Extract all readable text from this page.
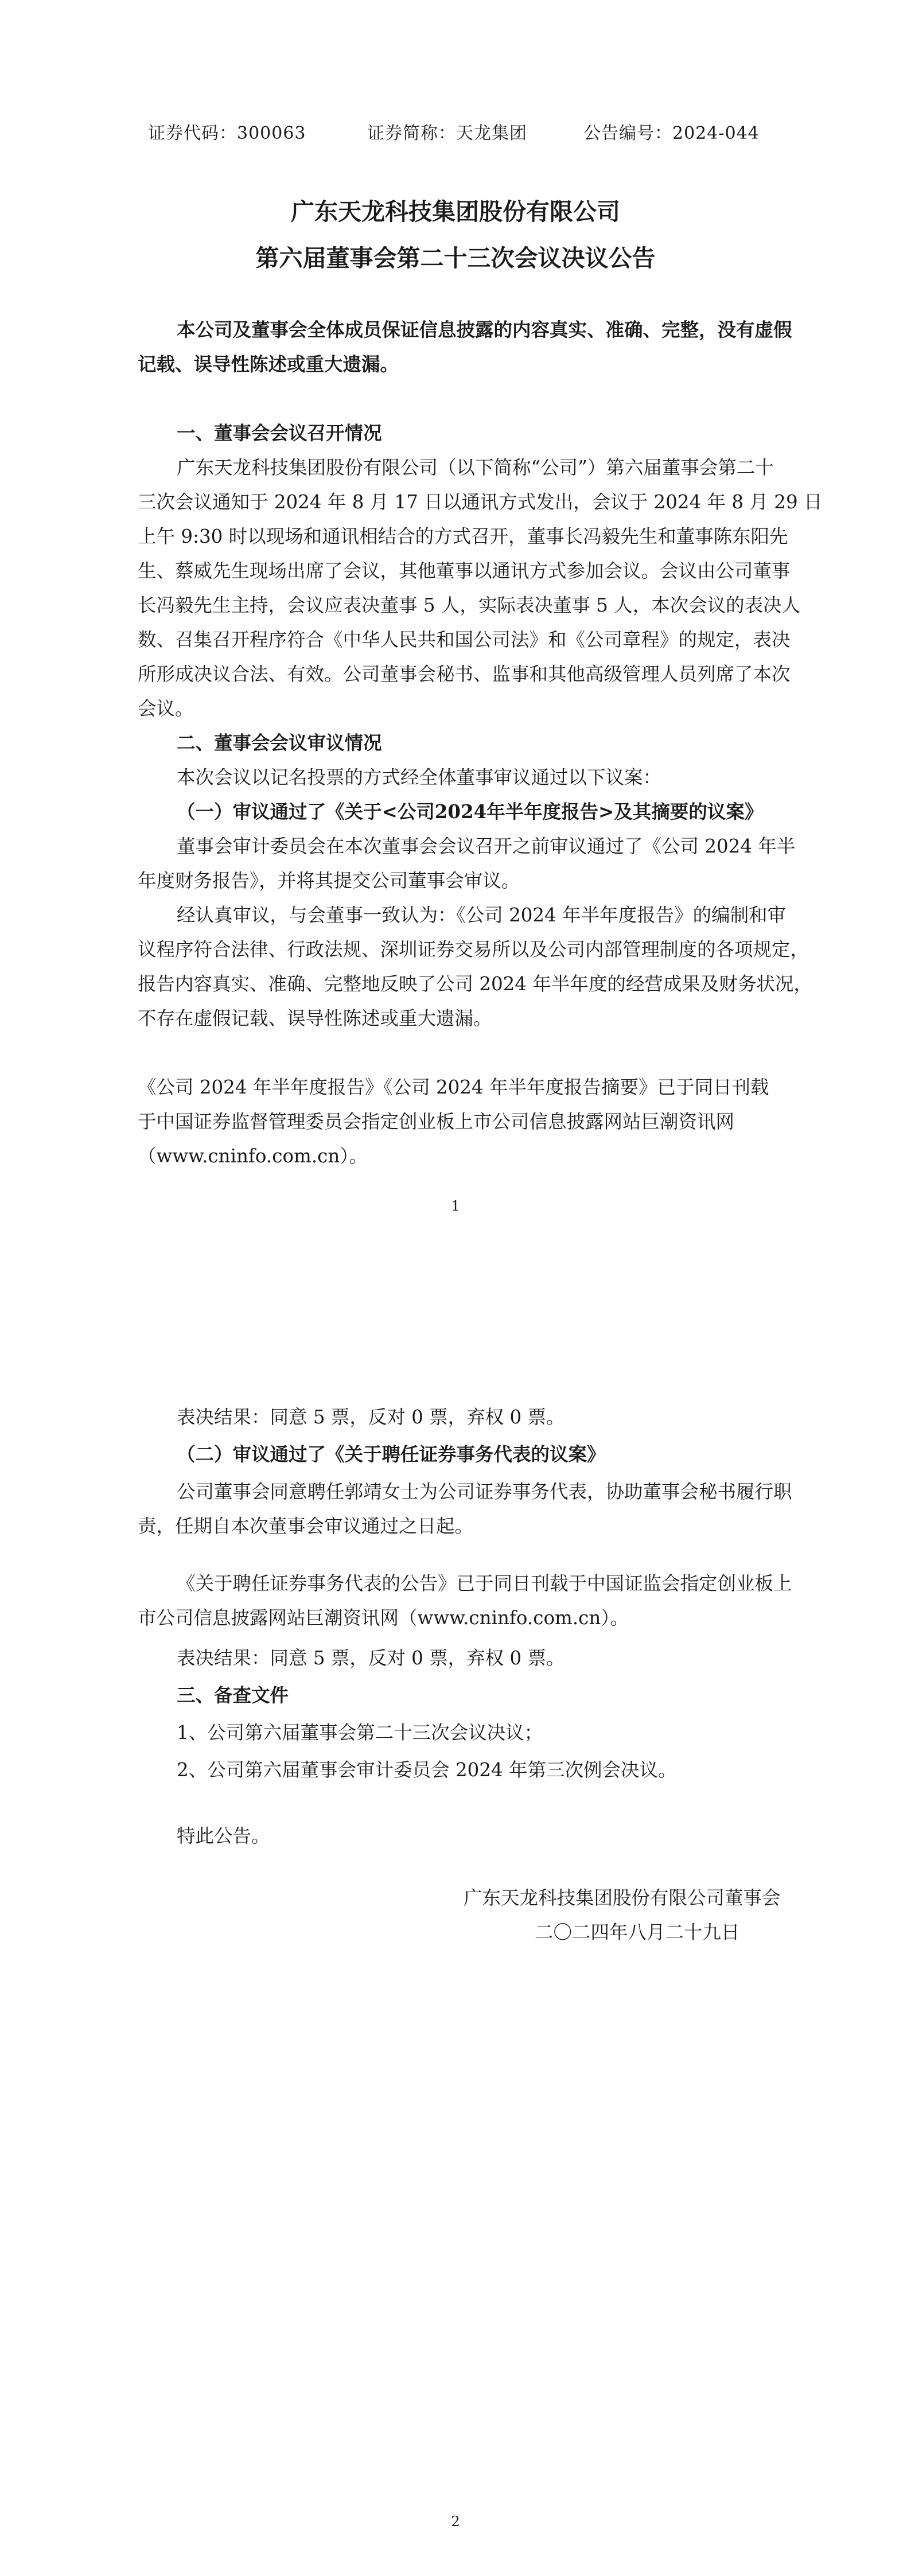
证券代码：300063	证券简称：天龙集团	公告编号：2024-044
广东天龙科技集团股份有限公司
第六届董事会第二十三次会议决议公告
本公司及董事会全体成员保证信息披露的内容真实、准确、完整，没有虚假
记载、误导性陈述或重大遗漏。
一、董事会会议召开情况
广东天龙科技集团股份有限公司（以下简称“公司”）第六届董事会第二十
三次会议通知于 2024 年 8 月 17 日以通讯方式发出，会议于 2024 年 8 月 29 日
上午 9:30 时以现场和通讯相结合的方式召开，董事长冯毅先生和董事陈东阳先
生、蔡威先生现场出席了会议，其他董事以通讯方式参加会议。会议由公司董事
长冯毅先生主持，会议应表决董事 5 人，实际表决董事 5 人，本次会议的表决人
数、召集召开程序符合《中华人民共和国公司法》和《公司章程》的规定，表决
所形成决议合法、有效。公司董事会秘书、监事和其他高级管理人员列席了本次
会议。
二、董事会会议审议情况
本次会议以记名投票的方式经全体董事审议通过以下议案：
（一）审议通过了《关于<公司2024年半年度报告>及其摘要的议案》
董事会审计委员会在本次董事会会议召开之前审议通过了《公司 2024 年半
年度财务报告》，并将其提交公司董事会审议。
经认真审议，与会董事一致认为：《公司 2024 年半年度报告》的编制和审
议程序符合法律、行政法规、深圳证券交易所以及公司内部管理制度的各项规定，
报告内容真实、准确、完整地反映了公司 2024 年半年度的经营成果及财务状况，
不存在虚假记载、误导性陈述或重大遗漏。
《公司 2024 年半年度报告》《公司 2024 年半年度报告摘要》已于同日刊载
于中国证券监督管理委员会指定创业板上市公司信息披露网站巨潮资讯网
（www.cninfo.com.cn）。
1
表决结果：同意 5 票，反对 0 票，弃权 0 票。
（二）审议通过了《关于聘任证券事务代表的议案》
公司董事会同意聘任郭靖女士为公司证券事务代表，协助董事会秘书履行职
责，任期自本次董事会审议通过之日起。
《关于聘任证券事务代表的公告》已于同日刊载于中国证监会指定创业板上
市公司信息披露网站巨潮资讯网（www.cninfo.com.cn）。
表决结果：同意 5 票，反对 0 票，弃权 0 票。
三、备查文件
1、公司第六届董事会第二十三次会议决议；
2、公司第六届董事会审计委员会 2024 年第三次例会决议。
特此公告。
广东天龙科技集团股份有限公司董事会
二〇二四年八月二十九日
2
